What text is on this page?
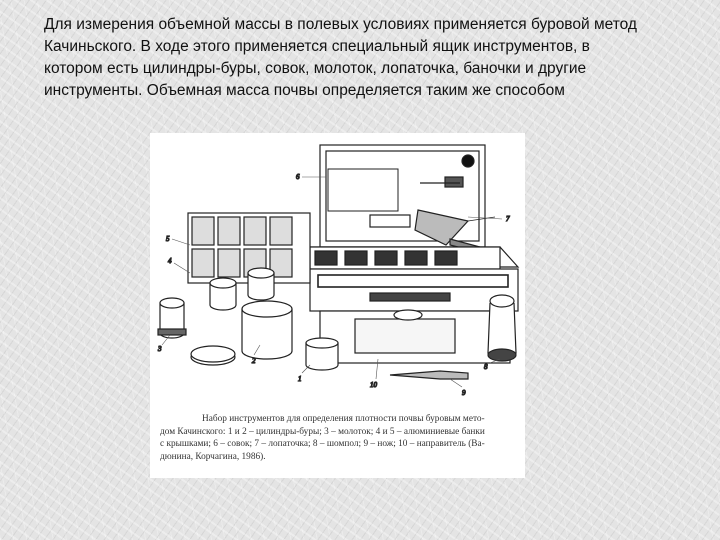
Для измерения объемной массы в полевых условиях применяется буровой метод
Качиньского. В ходе этого применяется специальный ящик инструментов, в
котором есть цилиндры-буры, совок, молоток, лопаточка, баночки и другие
инструменты. Объемная масса почвы определяется таким же способом
5
4
3
2
1
6
7
8
9
10
Набор инструментов для определения плотности почвы буровым мето-
дом Качинского: 1 и 2 – цилиндры-буры; 3 – молоток; 4 и 5 – алюминиевые банки
с крышками; 6 – совок; 7 – лопаточка; 8 – шомпол; 9 – нож; 10 – направитель (Ва-
дюнина, Корчагина, 1986).
